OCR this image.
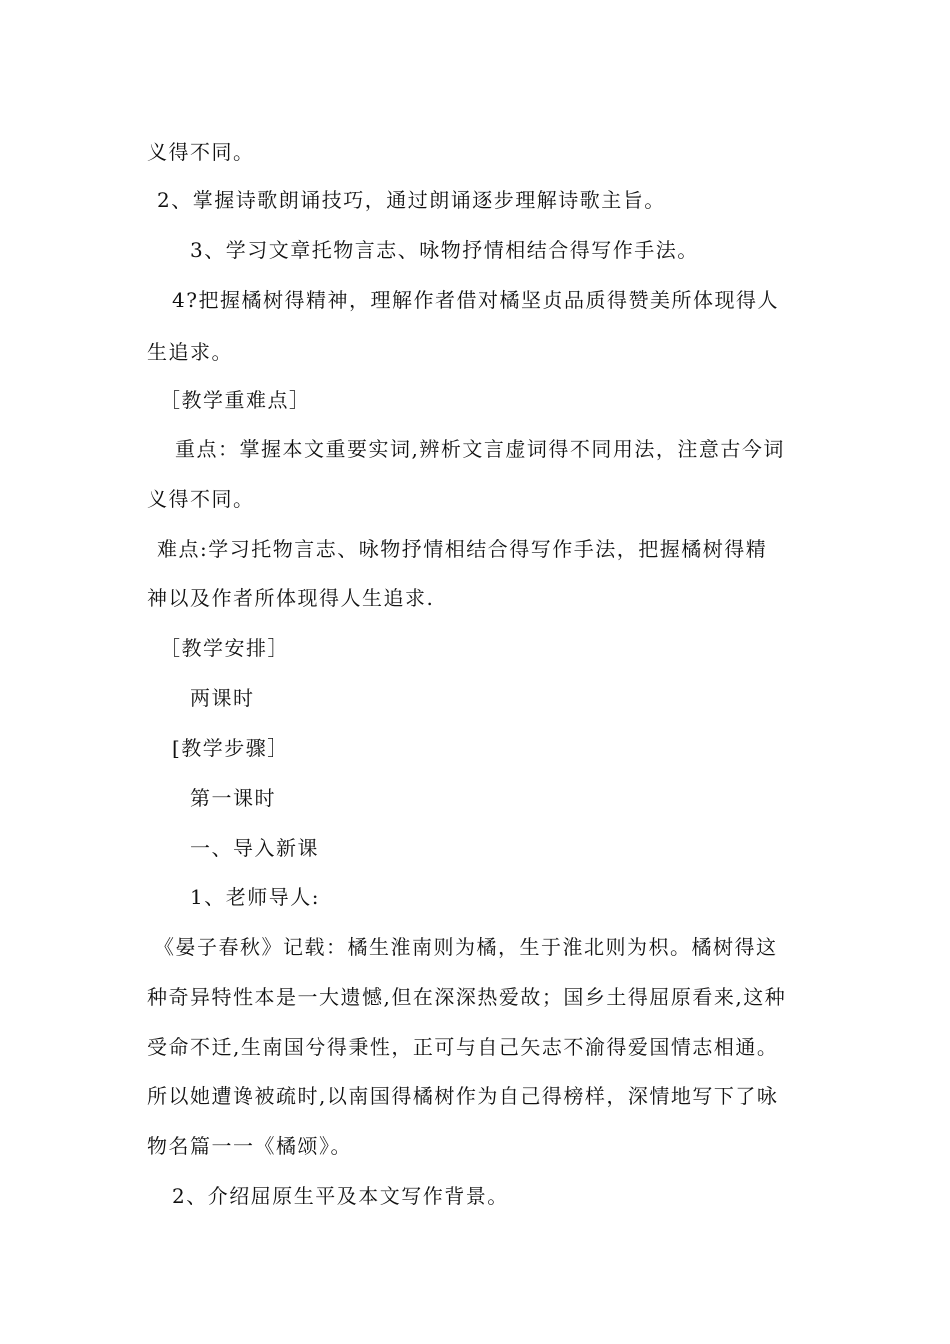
义得不同。

2、掌握诗歌朗诵技巧，通过朗诵逐步理解诗歌主旨。

3、学习文章托物言志、咏物抒情相结合得写作手法。

4?把握橘树得精神，理解作者借对橘坚贞品质得赞美所体现得人

生追求。

［教学重难点］

重点：掌握本文重要实词,辨析文言虚词得不同用法，注意古今词

义得不同。

难点:学习托物言志、咏物抒情相结合得写作手法，把握橘树得精

神以及作者所体现得人生追求.

［教学安排］

两课时

[教学步骤］

第一课时

一、导入新课

1、老师导人:

《晏子春秋》记载：橘生淮南则为橘，生于淮北则为枳。橘树得这

种奇异特性本是一大遗憾,但在深深热爱故；国乡土得屈原看来,这种

受命不迁,生南国兮得秉性，正可与自己矢志不渝得爱国情志相通。

所以她遭谗被疏时,以南国得橘树作为自己得榜样，深情地写下了咏

物名篇一一《橘颂》。

2、介绍屈原生平及本文写作背景。
